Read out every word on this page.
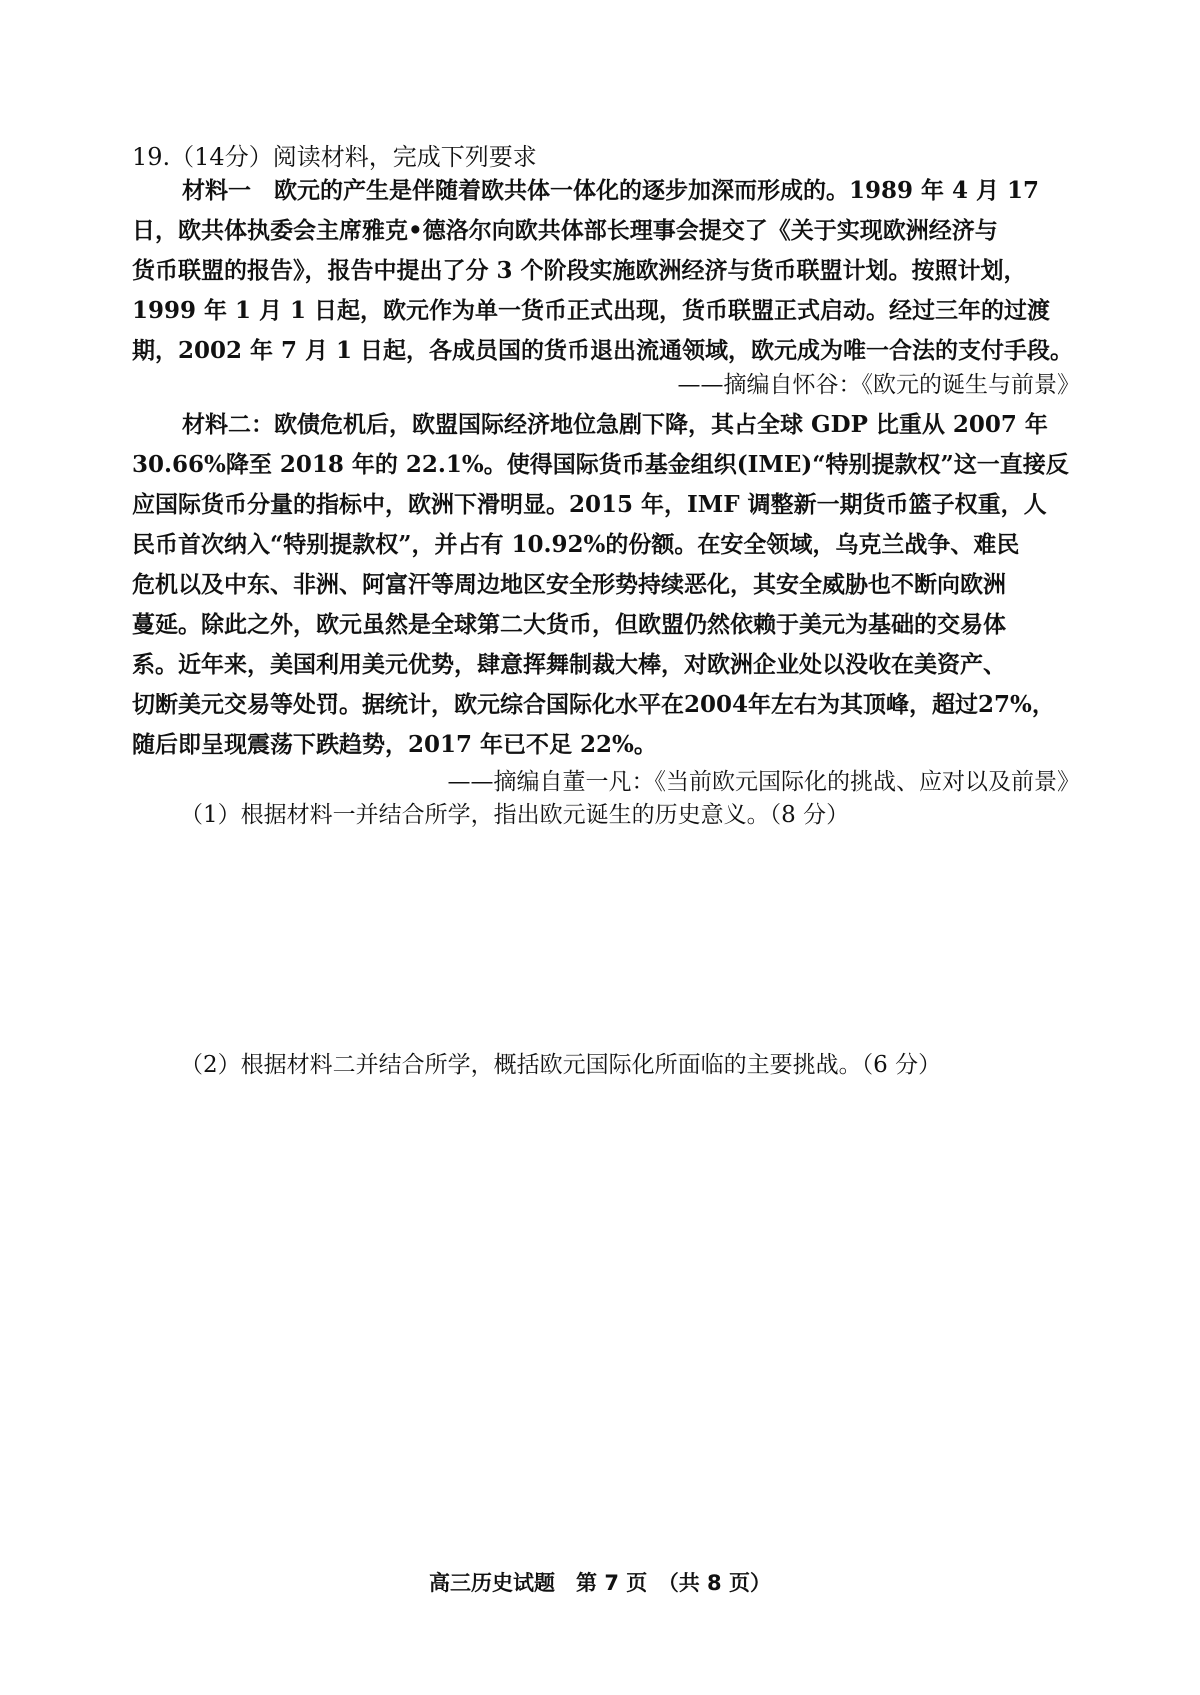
19.（14分）阅读材料，完成下列要求
材料一　欧元的产生是伴随着欧共体一体化的逐步加深而形成的。1989 年 4 月 17
日，欧共体执委会主席雅克•德洛尔向欧共体部长理事会提交了《关于实现欧洲经济与
货币联盟的报告》，报告中提出了分 3 个阶段实施欧洲经济与货币联盟计划。按照计划，
1999 年 1 月 1 日起，欧元作为单一货币正式出现，货币联盟正式启动。经过三年的过渡
期，2002 年 7 月 1 日起，各成员国的货币退出流通领域，欧元成为唯一合法的支付手段。
——摘编自怀谷：《欧元的诞生与前景》
材料二：欧债危机后，欧盟国际经济地位急剧下降，其占全球 GDP 比重从 2007 年
30.66%降至 2018 年的 22.1%。使得国际货币基金组织(IME)“特别提款权”这一直接反
应国际货币分量的指标中，欧洲下滑明显。2015 年，IMF 调整新一期货币篮子权重，人
民币首次纳入“特别提款权”，并占有 10.92%的份额。在安全领域，乌克兰战争、难民
危机以及中东、非洲、阿富汗等周边地区安全形势持续恶化，其安全威胁也不断向欧洲
蔓延。除此之外，欧元虽然是全球第二大货币，但欧盟仍然依赖于美元为基础的交易体
系。近年来，美国利用美元优势，肆意挥舞制裁大棒，对欧洲企业处以没收在美资产、
切断美元交易等处罚。据统计，欧元综合国际化水平在2004年左右为其顶峰，超过27%，
随后即呈现震荡下跌趋势，2017 年已不足 22%。
——摘编自董一凡：《当前欧元国际化的挑战、应对以及前景》
（1）根据材料一并结合所学，指出欧元诞生的历史意义。（8 分）
（2）根据材料二并结合所学，概括欧元国际化所面临的主要挑战。（6 分）
高三历史试题　第 7 页　（共 8 页）
